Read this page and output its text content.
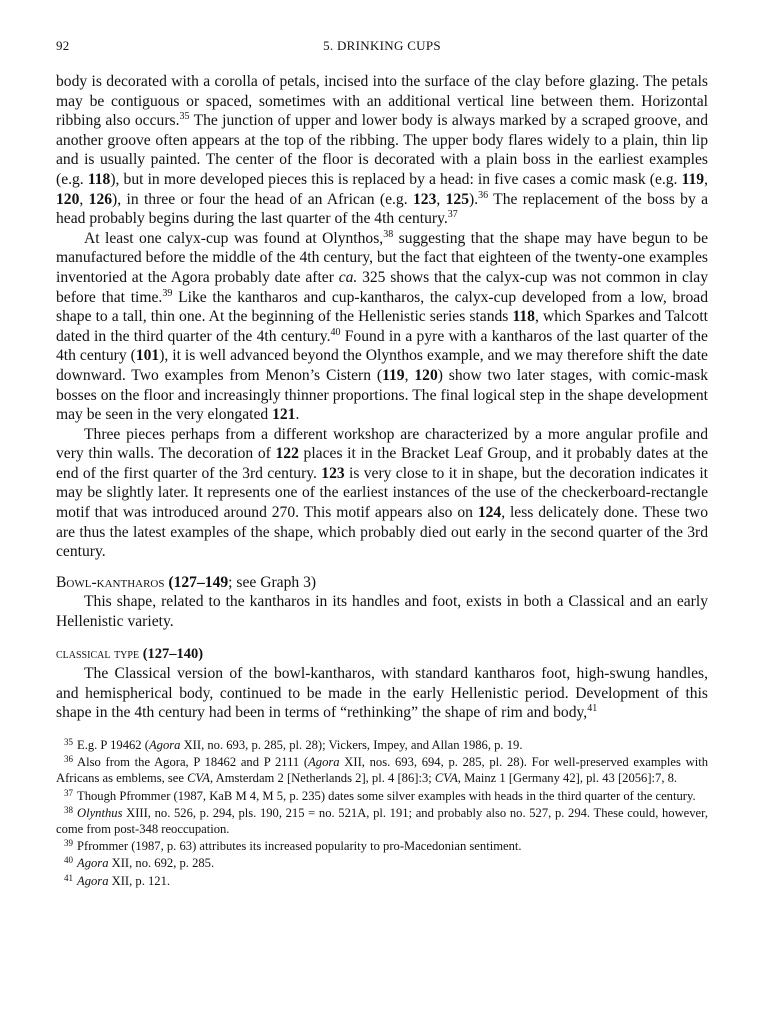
92	5. DRINKING CUPS

body is decorated with a corolla of petals, incised into the surface of the clay before glazing. The petals may be contiguous or spaced, sometimes with an additional vertical line between them. Horizontal ribbing also occurs.$^{35}$ The junction of upper and lower body is always marked by a scraped groove, and another groove often appears at the top of the ribbing. The upper body flares widely to a plain, thin lip and is usually painted. The center of the floor is decorated with a plain boss in the earliest examples (e.g. 118), but in more developed pieces this is replaced by a head: in five cases a comic mask (e.g. 119, 120, 126), in three or four the head of an African (e.g. 123, 125).$^{36}$ The replacement of the boss by a head probably begins during the last quarter of the 4th century.$^{37}$

At least one calyx-cup was found at Olynthos,$^{38}$ suggesting that the shape may have begun to be manufactured before the middle of the 4th century, but the fact that eighteen of the twenty-one examples inventoried at the Agora probably date after ca. 325 shows that the calyx-cup was not common in clay before that time.$^{39}$ Like the kantharos and cup-kantharos, the calyx-cup developed from a low, broad shape to a tall, thin one. At the beginning of the Hellenistic series stands 118, which Sparkes and Talcott dated in the third quarter of the 4th century.$^{40}$ Found in a pyre with a kantharos of the last quarter of the 4th century (101), it is well advanced beyond the Olynthos example, and we may therefore shift the date downward. Two examples from Menon’s Cistern (119, 120) show two later stages, with comic-mask bosses on the floor and increasingly thinner proportions. The final logical step in the shape development may be seen in the very elongated 121.

Three pieces perhaps from a different workshop are characterized by a more angular profile and very thin walls. The decoration of 122 places it in the Bracket Leaf Group, and it probably dates at the end of the first quarter of the 3rd century. 123 is very close to it in shape, but the decoration indicates it may be slightly later. It represents one of the earliest instances of the use of the checkerboard-rectangle motif that was introduced around 270. This motif appears also on 124, less delicately done. These two are thus the latest examples of the shape, which probably died out early in the second quarter of the 3rd century.

Bowl-kantharos (127–149; see Graph 3)

This shape, related to the kantharos in its handles and foot, exists in both a Classical and an early Hellenistic variety.

classical type (127–140)

The Classical version of the bowl-kantharos, with standard kantharos foot, high-swung handles, and hemispherical body, continued to be made in the early Hellenistic period. Development of this shape in the 4th century had been in terms of “rethinking” the shape of rim and body,$^{41}$

$^{35}$ E.g. P 19462 (Agora XII, no. 693, p. 285, pl. 28); Vickers, Impey, and Allan 1986, p. 19.

$^{36}$ Also from the Agora, P 18462 and P 2111 (Agora XII, nos. 693, 694, p. 285, pl. 28). For well-preserved examples with Africans as emblems, see CVA, Amsterdam 2 [Netherlands 2], pl. 4 [86]:3; CVA, Mainz 1 [Germany 42], pl. 43 [2056]:7, 8.

$^{37}$ Though Pfrommer (1987, KaB M 4, M 5, p. 235) dates some silver examples with heads in the third quarter of the century.

$^{38}$ Olynthus XIII, no. 526, p. 294, pls. 190, 215 = no. 521A, pl. 191; and probably also no. 527, p. 294. These could, however, come from post-348 reoccupation.

$^{39}$ Pfrommer (1987, p. 63) attributes its increased popularity to pro-Macedonian sentiment.

$^{40}$ Agora XII, no. 692, p. 285.

$^{41}$ Agora XII, p. 121.
